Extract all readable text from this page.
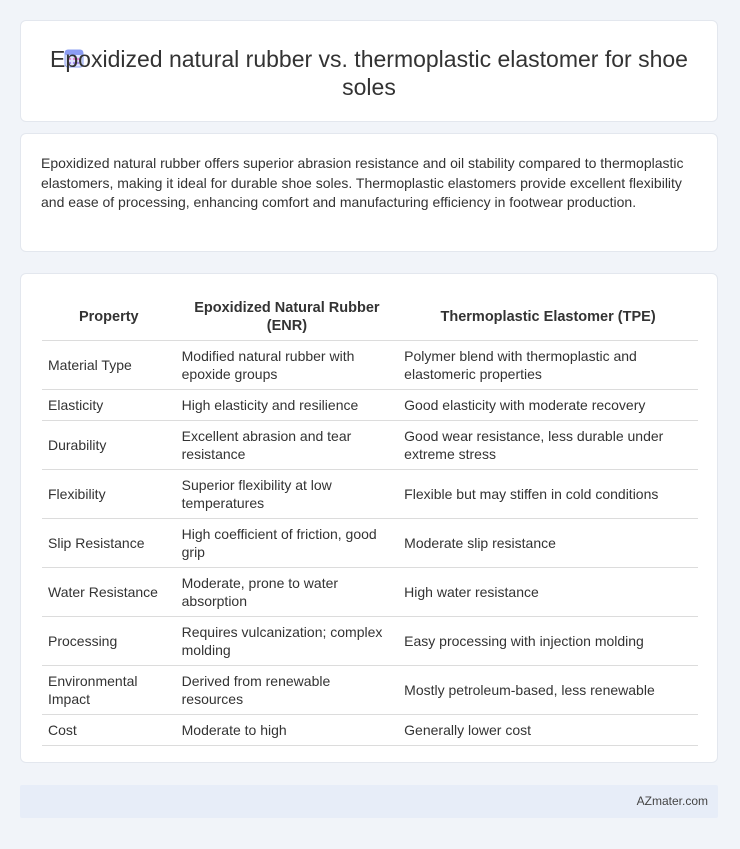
Epoxidized natural rubber vs. thermoplastic elastomer for shoe soles
Epoxidized natural rubber offers superior abrasion resistance and oil stability compared to thermoplastic elastomers, making it ideal for durable shoe soles. Thermoplastic elastomers provide excellent flexibility and ease of processing, enhancing comfort and manufacturing efficiency in footwear production.
Property	Epoxidized Natural Rubber (ENR)	Thermoplastic Elastomer (TPE)
Material Type	Modified natural rubber with epoxide groups	Polymer blend with thermoplastic and elastomeric properties
Elasticity	High elasticity and resilience	Good elasticity with moderate recovery
Durability	Excellent abrasion and tear resistance	Good wear resistance, less durable under extreme stress
Flexibility	Superior flexibility at low temperatures	Flexible but may stiffen in cold conditions
Slip Resistance	High coefficient of friction, good grip	Moderate slip resistance
Water Resistance	Moderate, prone to water absorption	High water resistance
Processing	Requires vulcanization; complex molding	Easy processing with injection molding
Environmental Impact	Derived from renewable resources	Mostly petroleum-based, less renewable
Cost	Moderate to high	Generally lower cost
AZmater.com
